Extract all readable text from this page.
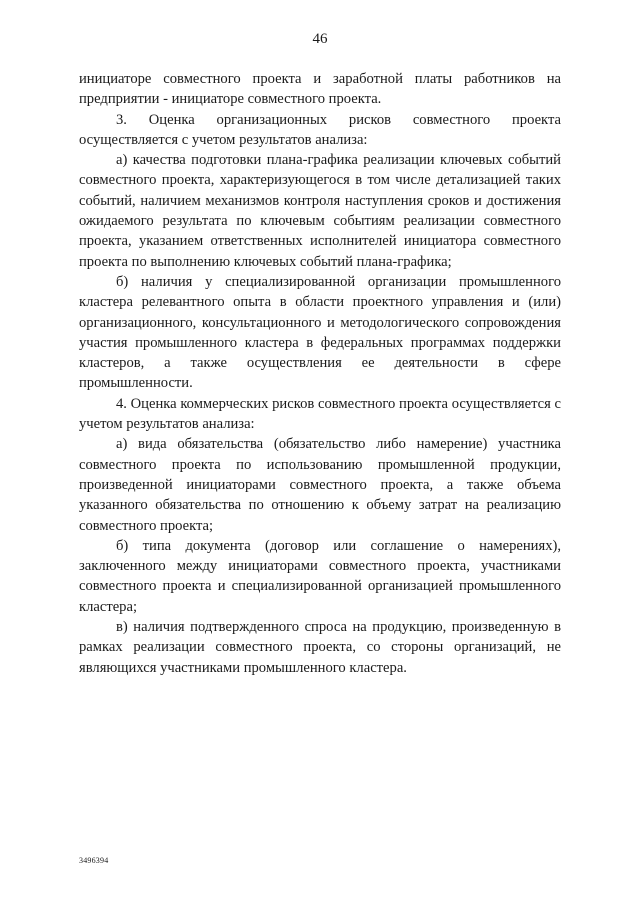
46

инициаторе совместного проекта и заработной платы работников на предприятии - инициаторе совместного проекта.

3. Оценка организационных рисков совместного проекта осуществляется с учетом результатов анализа:

а) качества подготовки плана-графика реализации ключевых событий совместного проекта, характеризующегося в том числе детализацией таких событий, наличием механизмов контроля наступления сроков и достижения ожидаемого результата по ключевым событиям реализации совместного проекта, указанием ответственных исполнителей инициатора совместного проекта по выполнению ключевых событий плана-графика;

б) наличия у специализированной организации промышленного кластера релевантного опыта в области проектного управления и (или) организационного, консультационного и методологического сопровождения участия промышленного кластера в федеральных программах поддержки кластеров, а также осуществления ее деятельности в сфере промышленности.

4. Оценка коммерческих рисков совместного проекта осуществляется с учетом результатов анализа:

а) вида обязательства (обязательство либо намерение) участника совместного проекта по использованию промышленной продукции, произведенной инициаторами совместного проекта, а также объема указанного обязательства по отношению к объему затрат на реализацию совместного проекта;

б) типа документа (договор или соглашение о намерениях), заключенного между инициаторами совместного проекта, участниками совместного проекта и специализированной организацией промышленного кластера;

в) наличия подтвержденного спроса на продукцию, произведенную в рамках реализации совместного проекта, со стороны организаций, не являющихся участниками промышленного кластера.

3496394
